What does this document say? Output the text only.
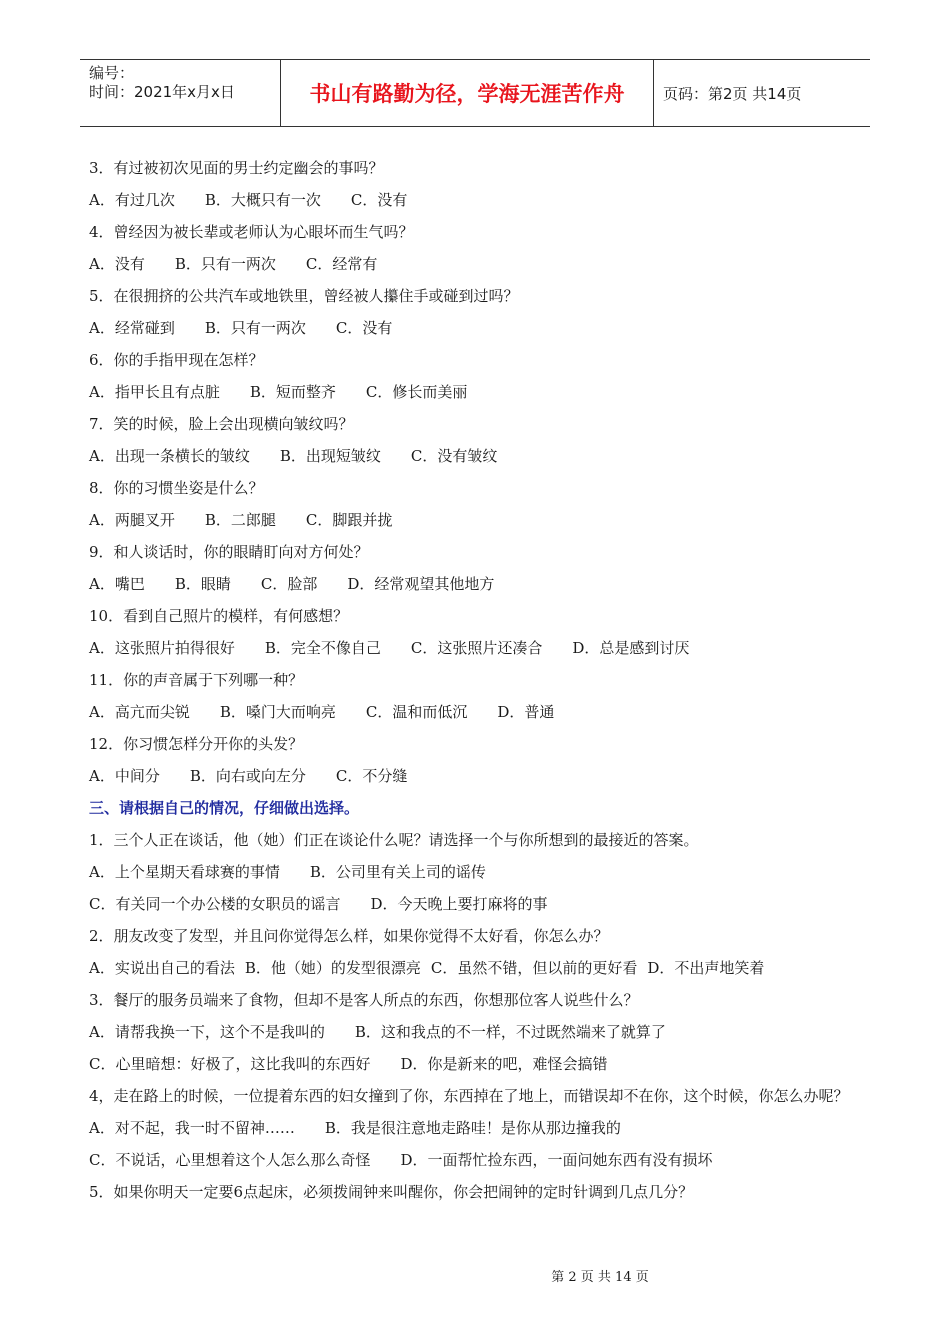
编号：
时间：2021年x月x日	书山有路勤为径，学海无涯苦作舟	页码：第2页 共14页
3．有过被初次见面的男士约定幽会的事吗？
A．有过几次 B．大概只有一次 C．没有
4．曾经因为被长辈或老师认为心眼坏而生气吗？
A．没有 B．只有一两次 C．经常有
5．在很拥挤的公共汽车或地铁里，曾经被人攥住手或碰到过吗？
A．经常碰到 B．只有一两次 C．没有
6．你的手指甲现在怎样？
A．指甲长且有点脏 B．短而整齐 C．修长而美丽
7．笑的时候，脸上会出现横向皱纹吗？
A．出现一条横长的皱纹 B．出现短皱纹 C．没有皱纹
8．你的习惯坐姿是什么？
A．两腿叉开 B．二郎腿 C．脚跟并拢
9．和人谈话时，你的眼睛盯向对方何处？
A．嘴巴 B．眼睛 C．脸部 D．经常观望其他地方
10．看到自己照片的模样，有何感想？
A．这张照片拍得很好 B．完全不像自己 C．这张照片还凑合 D．总是感到讨厌
11．你的声音属于下列哪一种？
A．高亢而尖锐 B．嗓门大而响亮 C．温和而低沉 D．普通
12．你习惯怎样分开你的头发？
A．中间分 B．向右或向左分 C．不分缝
三、请根据自己的情况，仔细做出选择。
1．三个人正在谈话，他（她）们正在谈论什么呢？请选择一个与你所想到的最接近的答案。
A．上个星期天看球赛的事情 B．公司里有关上司的谣传
C．有关同一个办公楼的女职员的谣言 D．今天晚上要打麻将的事
2．朋友改变了发型，并且问你觉得怎么样，如果你觉得不太好看，你怎么办？
A．实说出自己的看法 B．他（她）的发型很漂亮 C．虽然不错，但以前的更好看 D．不出声地笑着
3．餐厅的服务员端来了食物，但却不是客人所点的东西，你想那位客人说些什么？
A．请帮我换一下，这个不是我叫的 B．这和我点的不一样，不过既然端来了就算了
C．心里暗想：好极了，这比我叫的东西好 D．你是新来的吧，难怪会搞错
4，走在路上的时候，一位提着东西的妇女撞到了你，东西掉在了地上，而错误却不在你，这个时候，你怎么办呢？
A．对不起，我一时不留神…… B．我是很注意地走路哇！是你从那边撞我的
C．不说话，心里想着这个人怎么那么奇怪 D．一面帮忙捡东西，一面问她东西有没有损坏
5．如果你明天一定要6点起床，必须拨闹钟来叫醒你，你会把闹钟的定时针调到几点几分？
第 2 页 共 14 页
